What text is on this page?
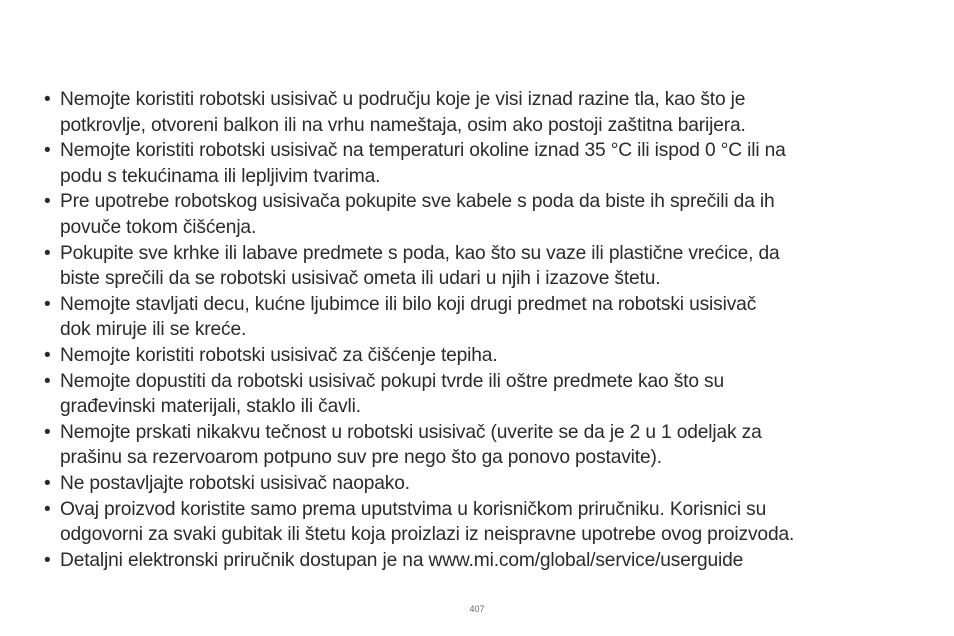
• Nemojte koristiti robotski usisivač u području koje je visi iznad razine tla, kao što je
potkrovlje, otvoreni balkon ili na vrhu nameštaja, osim ako postoji zaštitna barijera.
• Nemojte koristiti robotski usisivač na temperaturi okoline iznad 35 °C ili ispod 0 °C ili na
podu s tekućinama ili lepljivim tvarima.
• Pre upotrebe robotskog usisivača pokupite sve kabele s poda da biste ih sprečili da ih
povuče tokom čišćenja.
• Pokupite sve krhke ili labave predmete s poda, kao što su vaze ili plastične vrećice, da
biste sprečili da se robotski usisivač ometa ili udari u njih i izazove štetu.
• Nemojte stavljati decu, kućne ljubimce ili bilo koji drugi predmet na robotski usisivač
dok miruje ili se kreće.
• Nemojte koristiti robotski usisivač za čišćenje tepiha.
• Nemojte dopustiti da robotski usisivač pokupi tvrde ili oštre predmete kao što su
građevinski materijali, staklo ili čavli.
• Nemojte prskati nikakvu tečnost u robotski usisivač (uverite se da je 2 u 1 odeljak za
prašinu sa rezervoarom potpuno suv pre nego što ga ponovo postavite).
• Ne postavljajte robotski usisivač naopako.
• Ovaj proizvod koristite samo prema uputstvima u korisničkom priručniku. Korisnici su
odgovorni za svaki gubitak ili štetu koja proizlazi iz neispravne upotrebe ovog proizvoda.
• Detaljni elektronski priručnik dostupan je na www.mi.com/global/service/userguide
407
